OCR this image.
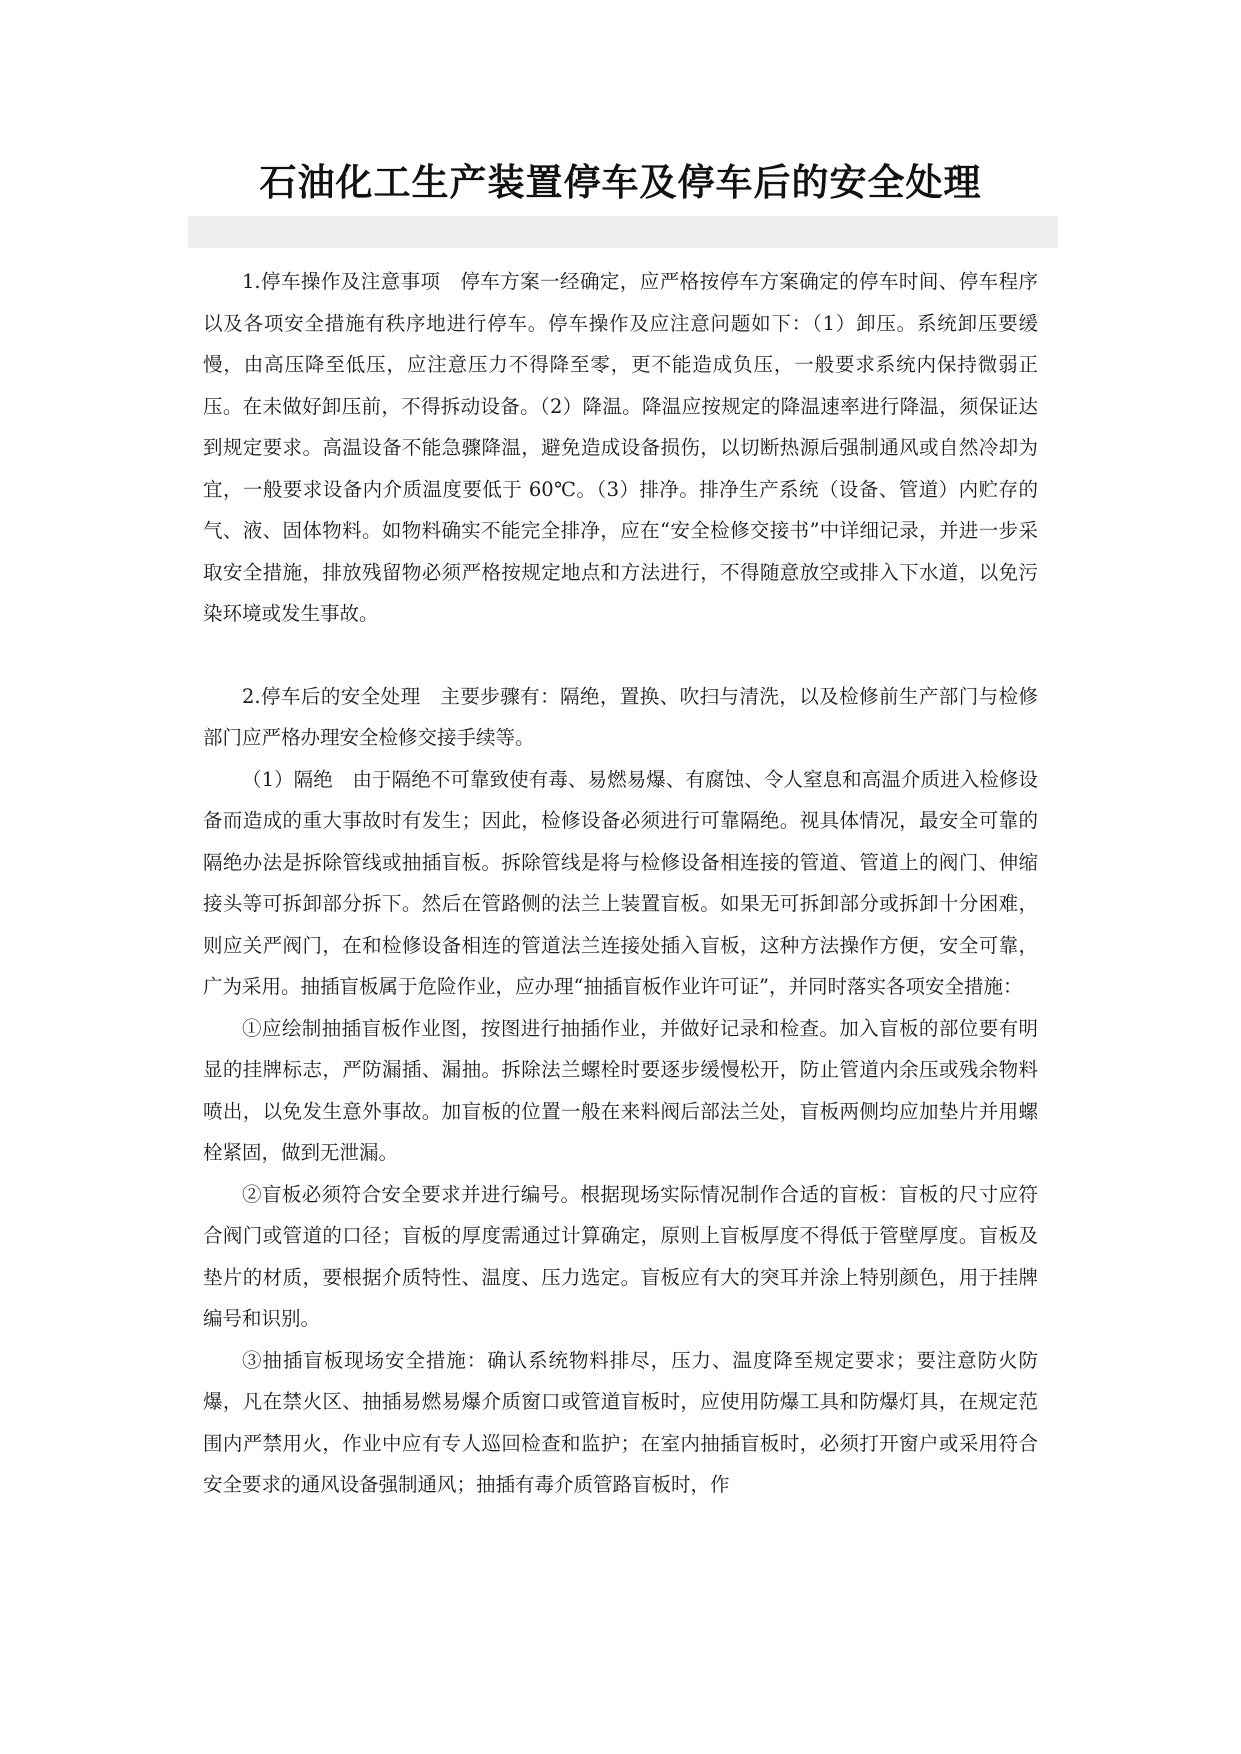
石油化工生产装置停车及停车后的安全处理

1.停车操作及注意事项　停车方案一经确定，应严格按停车方案确定的停车时间、停车程序以及各项安全措施有秩序地进行停车。停车操作及应注意问题如下：（1）卸压。系统卸压要缓慢，由高压降至低压，应注意压力不得降至零，更不能造成负压，一般要求系统内保持微弱正压。在未做好卸压前，不得拆动设备。（2）降温。降温应按规定的降温速率进行降温，须保证达到规定要求。高温设备不能急骤降温，避免造成设备损伤，以切断热源后强制通风或自然冷却为宜，一般要求设备内介质温度要低于 60℃。（3）排净。排净生产系统（设备、管道）内贮存的气、液、固体物料。如物料确实不能完全排净，应在“安全检修交接书”中详细记录，并进一步采取安全措施，排放残留物必须严格按规定地点和方法进行，不得随意放空或排入下水道，以免污染环境或发生事故。

2.停车后的安全处理　主要步骤有：隔绝，置换、吹扫与清洗，以及检修前生产部门与检修部门应严格办理安全检修交接手续等。

（1）隔绝　由于隔绝不可靠致使有毒、易燃易爆、有腐蚀、令人窒息和高温介质进入检修设备而造成的重大事故时有发生；因此，检修设备必须进行可靠隔绝。视具体情况，最安全可靠的隔绝办法是拆除管线或抽插盲板。拆除管线是将与检修设备相连接的管道、管道上的阀门、伸缩接头等可拆卸部分拆下。然后在管路侧的法兰上装置盲板。如果无可拆卸部分或拆卸十分困难，则应关严阀门，在和检修设备相连的管道法兰连接处插入盲板，这种方法操作方便，安全可靠，广为采用。抽插盲板属于危险作业，应办理“抽插盲板作业许可证”，并同时落实各项安全措施：

①应绘制抽插盲板作业图，按图进行抽插作业，并做好记录和检查。加入盲板的部位要有明显的挂牌标志，严防漏插、漏抽。拆除法兰螺栓时要逐步缓慢松开，防止管道内余压或残余物料喷出，以免发生意外事故。加盲板的位置一般在来料阀后部法兰处，盲板两侧均应加垫片并用螺栓紧固，做到无泄漏。

②盲板必须符合安全要求并进行编号。根据现场实际情况制作合适的盲板：盲板的尺寸应符合阀门或管道的口径；盲板的厚度需通过计算确定，原则上盲板厚度不得低于管壁厚度。盲板及垫片的材质，要根据介质特性、温度、压力选定。盲板应有大的突耳并涂上特别颜色，用于挂牌编号和识别。

③抽插盲板现场安全措施：确认系统物料排尽，压力、温度降至规定要求；要注意防火防爆，凡在禁火区、抽插易燃易爆介质窗口或管道盲板时，应使用防爆工具和防爆灯具，在规定范围内严禁用火，作业中应有专人巡回检查和监护；在室内抽插盲板时，必须打开窗户或采用符合安全要求的通风设备强制通风；抽插有毒介质管路盲板时，作
